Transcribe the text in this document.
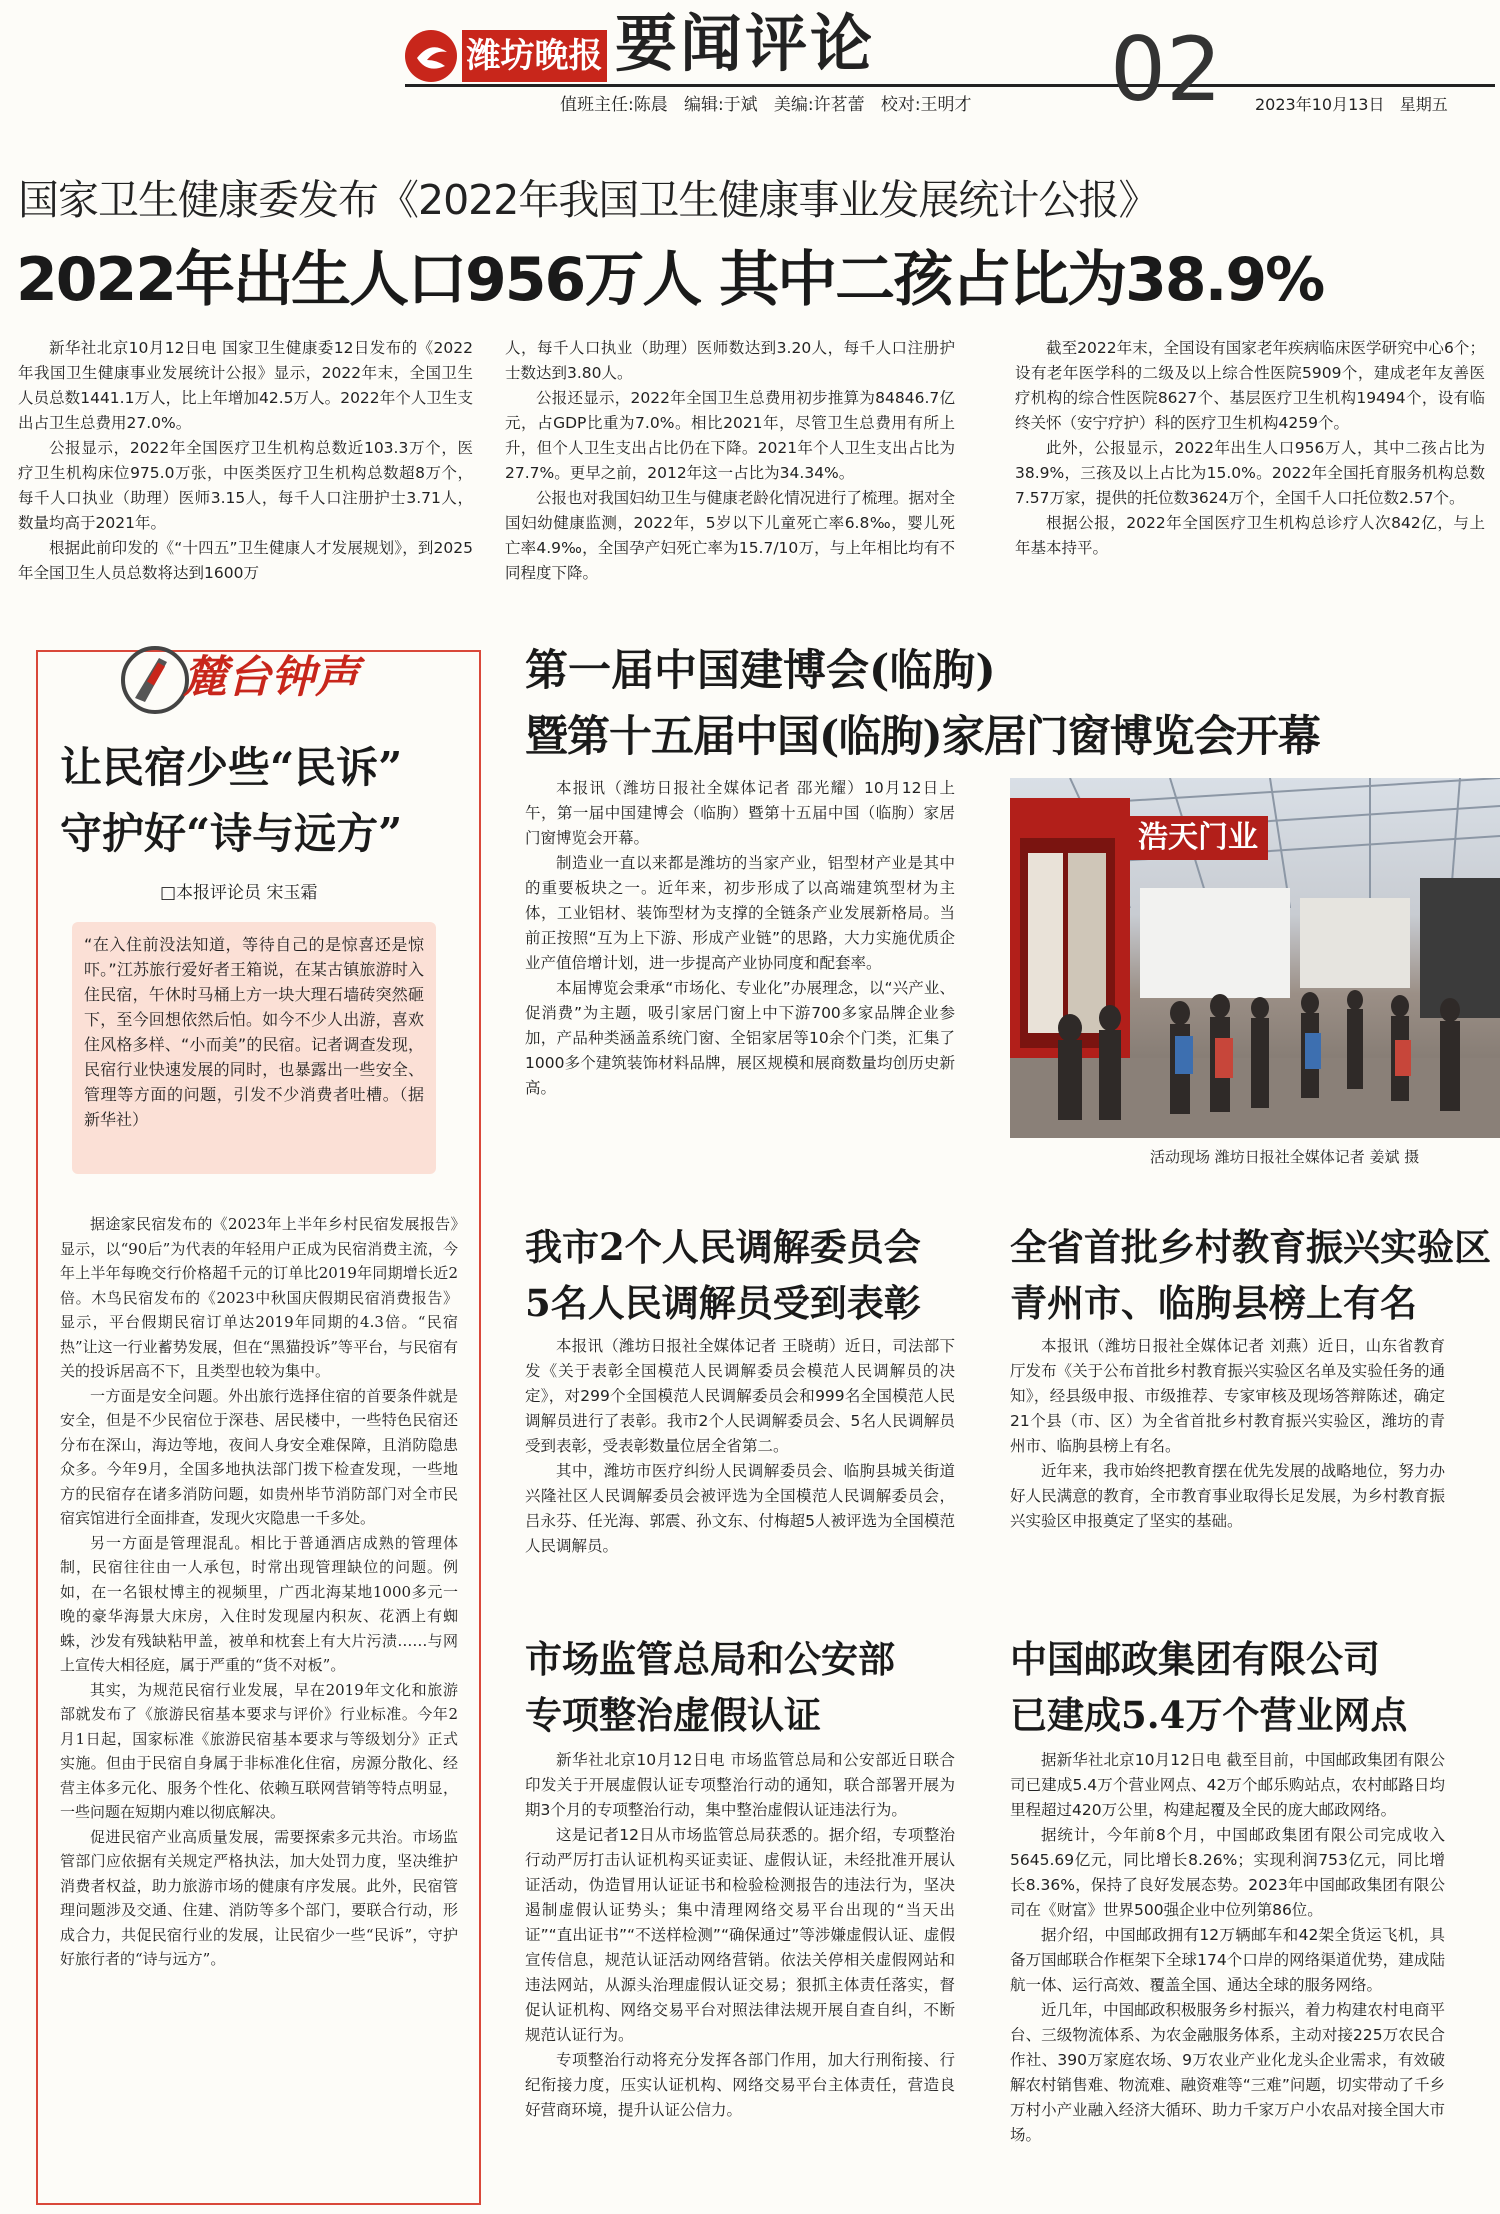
潍坊晚报 要闻评论
值班主任:陈晨   编辑:于斌   美编:许茗蕾   校对:王明才 02 2023年10月13日   星期五
国家卫生健康委发布《2022年我国卫生健康事业发展统计公报》
2022年出生人口956万人 其中二孩占比为38.9%

新华社北京10月12日电 国家卫生健康委12日发布的《2022年我国卫生健康事业发展统计公报》显示，2022年末，全国卫生人员总数1441.1万人，比上年增加42.5万人。2022年个人卫生支出占卫生总费用27.0%。

公报显示，2022年全国医疗卫生机构总数近103.3万个，医疗卫生机构床位975.0万张，中医类医疗卫生机构总数超8万个，每千人口执业（助理）医师3.15人，每千人口注册护士3.71人，数量均高于2021年。

根据此前印发的《“十四五”卫生健康人才发展规划》，到2025年全国卫生人员总数将达到1600万

人，每千人口执业（助理）医师数达到3.20人，每千人口注册护士数达到3.80人。

公报还显示，2022年全国卫生总费用初步推算为84846.7亿元，占GDP比重为7.0%。相比2021年，尽管卫生总费用有所上升，但个人卫生支出占比仍在下降。2021年个人卫生支出占比为27.7%。更早之前，2012年这一占比为34.34%。

公报也对我国妇幼卫生与健康老龄化情况进行了梳理。据对全国妇幼健康监测，2022年，5岁以下儿童死亡率6.8‰，婴儿死亡率4.9‰，全国孕产妇死亡率为15.7/10万，与上年相比均有不同程度下降。

截至2022年末，全国设有国家老年疾病临床医学研究中心6个；设有老年医学科的二级及以上综合性医院5909个，建成老年友善医疗机构的综合性医院8627个、基层医疗卫生机构19494个，设有临终关怀（安宁疗护）科的医疗卫生机构4259个。

此外，公报显示，2022年出生人口956万人，其中二孩占比为38.9%，三孩及以上占比为15.0%。2022年全国托育服务机构总数7.57万家，提供的托位数3624万个，全国千人口托位数2.57个。

根据公报，2022年全国医疗卫生机构总诊疗人次842亿，与上年基本持平。

麓台钟声
让民宿少些“民诉”
守护好“诗与远方”
□本报评论员 宋玉霜
“在入住前没法知道，等待自己的是惊喜还是惊吓。”江苏旅行爱好者王箱说，在某古镇旅游时入住民宿，午休时马桶上方一块大理石墙砖突然砸下，至今回想依然后怕。如今不少人出游，喜欢住风格多样、“小而美”的民宿。记者调查发现，民宿行业快速发展的同时，也暴露出一些安全、管理等方面的问题，引发不少消费者吐槽。（据新华社）

据途家民宿发布的《2023年上半年乡村民宿发展报告》显示，以“90后”为代表的年轻用户正成为民宿消费主流，今年上半年每晚交行价格超千元的订单比2019年同期增长近2倍。木鸟民宿发布的《2023中秋国庆假期民宿消费报告》显示，平台假期民宿订单达2019年同期的4.3倍。“民宿热”让这一行业蓄势发展，但在“黑猫投诉”等平台，与民宿有关的投诉居高不下，且类型也较为集中。

一方面是安全问题。外出旅行选择住宿的首要条件就是安全，但是不少民宿位于深巷、居民楼中，一些特色民宿还分布在深山，海边等地，夜间人身安全难保障，且消防隐患众多。今年9月，全国多地执法部门拨下检查发现，一些地方的民宿存在诸多消防问题，如贵州毕节消防部门对全市民宿宾馆进行全面排查，发现火灾隐患一千多处。

另一方面是管理混乱。相比于普通酒店成熟的管理体制，民宿往往由一人承包，时常出现管理缺位的问题。例如，在一名银杖博主的视频里，广西北海某地1000多元一晚的豪华海景大床房，入住时发现屋内积灰、花洒上有蜘蛛，沙发有残缺粘甲盖，被单和枕套上有大片污渍……与网上宣传大相径庭，属于严重的“货不对板”。

其实，为规范民宿行业发展，早在2019年文化和旅游部就发布了《旅游民宿基本要求与评价》行业标准。今年2月1日起，国家标准《旅游民宿基本要求与等级划分》正式实施。但由于民宿自身属于非标准化住宿，房源分散化、经营主体多元化、服务个性化、依赖互联网营销等特点明显，一些问题在短期内难以彻底解决。

促进民宿产业高质量发展，需要探索多元共治。市场监管部门应依据有关规定严格执法，加大处罚力度，坚决维护消费者权益，助力旅游市场的健康有序发展。此外，民宿管理问题涉及交通、住建、消防等多个部门，要联合行动，形成合力，共促民宿行业的发展，让民宿少一些“民诉”，守护好旅行者的“诗与远方”。

第一届中国建博会(临朐)
暨第十五届中国(临朐)家居门窗博览会开幕

本报讯（潍坊日报社全媒体记者 邵光耀）10月12日上午，第一届中国建博会（临朐）暨第十五届中国（临朐）家居门窗博览会开幕。

制造业一直以来都是潍坊的当家产业，铝型材产业是其中的重要板块之一。近年来，初步形成了以高端建筑型材为主体，工业铝材、装饰型材为支撑的全链条产业发展新格局。当前正按照“互为上下游、形成产业链”的思路，大力实施优质企业产值倍增计划，进一步提高产业协同度和配套率。

本届博览会秉承“市场化、专业化”办展理念，以“兴产业、促消费”为主题，吸引家居门窗上中下游700多家品牌企业参加，产品种类涵盖系统门窗、全铝家居等10余个门类，汇集了1000多个建筑装饰材料品牌，展区规模和展商数量均创历史新高。

浩天门业
活动现场 潍坊日报社全媒体记者 姜斌 摄
我市2个人民调解委员会
5名人民调解员受到表彰

本报讯（潍坊日报社全媒体记者 王晓萌）近日，司法部下发《关于表彰全国模范人民调解委员会模范人民调解员的决定》，对299个全国模范人民调解委员会和999名全国模范人民调解员进行了表彰。我市2个人民调解委员会、5名人民调解员受到表彰，受表彰数量位居全省第二。

其中，潍坊市医疗纠纷人民调解委员会、临朐县城关街道兴隆社区人民调解委员会被评选为全国模范人民调解委员会，吕永芬、任光海、郭震、孙文东、付梅超5人被评选为全国模范人民调解员。

全省首批乡村教育振兴实验区
青州市、临朐县榜上有名

本报讯（潍坊日报社全媒体记者 刘燕）近日，山东省教育厅发布《关于公布首批乡村教育振兴实验区名单及实验任务的通知》，经县级申报、市级推荐、专家审核及现场答辩陈述，确定21个县（市、区）为全省首批乡村教育振兴实验区，潍坊的青州市、临朐县榜上有名。

近年来，我市始终把教育摆在优先发展的战略地位，努力办好人民满意的教育，全市教育事业取得长足发展，为乡村教育振兴实验区申报奠定了坚实的基础。

市场监管总局和公安部
专项整治虚假认证

新华社北京10月12日电 市场监管总局和公安部近日联合印发关于开展虚假认证专项整治行动的通知，联合部署开展为期3个月的专项整治行动，集中整治虚假认证违法行为。

这是记者12日从市场监管总局获悉的。据介绍，专项整治行动严厉打击认证机构买证卖证、虚假认证，未经批准开展认证活动，伪造冒用认证证书和检验检测报告的违法行为，坚决遏制虚假认证势头；集中清理网络交易平台出现的“当天出证”“直出证书”“不送样检测”“确保通过”等涉嫌虚假认证、虚假宣传信息，规范认证活动网络营销。依法关停相关虚假网站和违法网站，从源头治理虚假认证交易；狠抓主体责任落实，督促认证机构、网络交易平台对照法律法规开展自查自纠，不断规范认证行为。

专项整治行动将充分发挥各部门作用，加大行刑衔接、行纪衔接力度，压实认证机构、网络交易平台主体责任，营造良好营商环境，提升认证公信力。

中国邮政集团有限公司
已建成5.4万个营业网点

据新华社北京10月12日电 截至目前，中国邮政集团有限公司已建成5.4万个营业网点、42万个邮乐购站点，农村邮路日均里程超过420万公里，构建起覆及全民的庞大邮政网络。

据统计，今年前8个月，中国邮政集团有限公司完成收入5645.69亿元，同比增长8.26%；实现利润753亿元，同比增长8.36%，保持了良好发展态势。2023年中国邮政集团有限公司在《财富》世界500强企业中位列第86位。

据介绍，中国邮政拥有12万辆邮车和42架全货运飞机，具备万国邮联合作框架下全球174个口岸的网络渠道优势，建成陆航一体、运行高效、覆盖全国、通达全球的服务网络。

近几年，中国邮政积极服务乡村振兴，着力构建农村电商平台、三级物流体系、为农金融服务体系，主动对接225万农民合作社、390万家庭农场、9万农业产业化龙头企业需求，有效破解农村销售难、物流难、融资难等“三难”问题，切实带动了千乡万村小产业融入经济大循环、助力千家万户小农品对接全国大市场。
